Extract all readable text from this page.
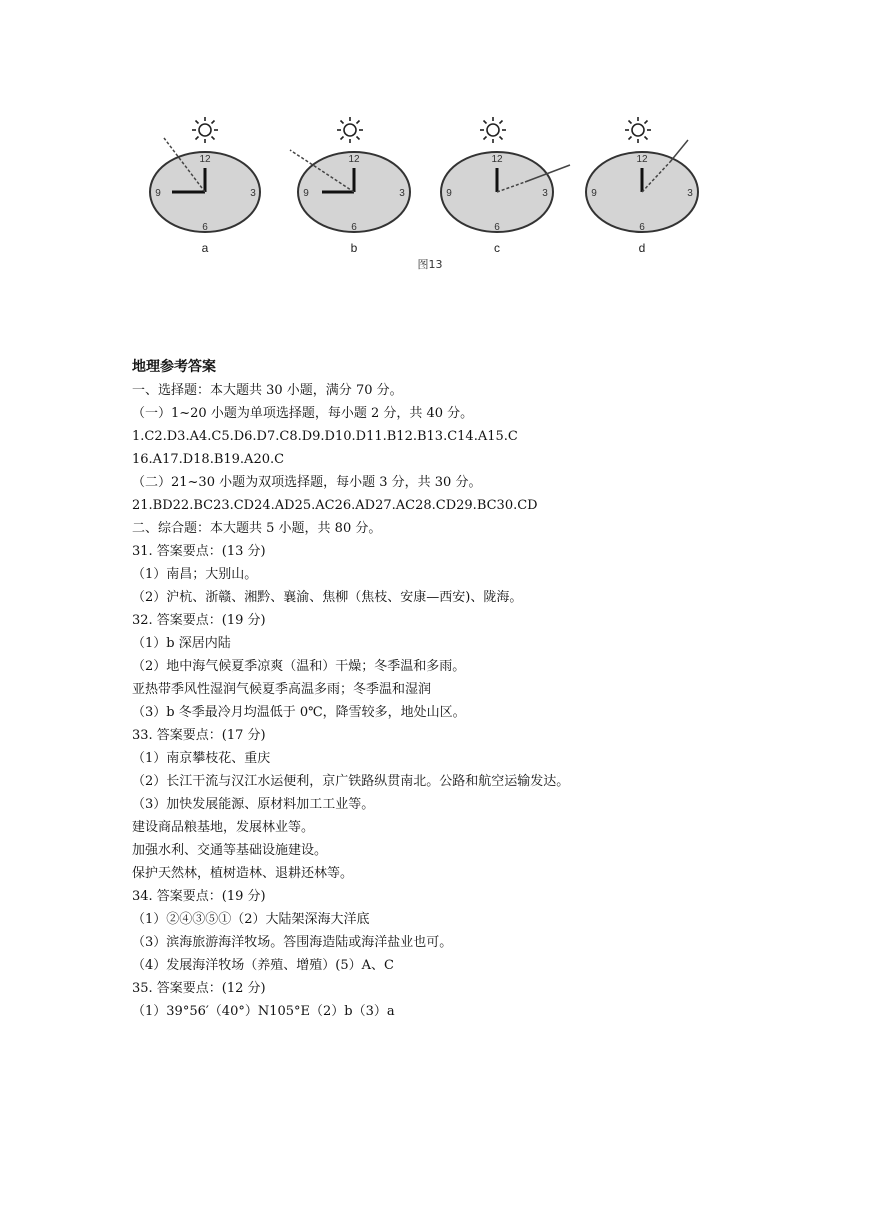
12
3
6
9
a
12
3
6
9
b
12
3
6
9
c
12
3
6
9
d
图13

地理参考答案

一、选择题：本大题共 30 小题，满分 70 分。

（一）1~20 小题为单项选择题，每小题 2 分，共 40 分。

1.C2.D3.A4.C5.D6.D7.C8.D9.D10.D11.B12.B13.C14.A15.C

16.A17.D18.B19.A20.C

（二）21~30 小题为双项选择题，每小题 3 分，共 30 分。

21.BD22.BC23.CD24.AD25.AC26.AD27.AC28.CD29.BC30.CD

二、综合题：本大题共 5 小题，共 80 分。

31. 答案要点：(13 分)

（1）南昌；大别山。

（2）沪杭、浙赣、湘黔、襄渝、焦柳（焦枝、安康—西安)、陇海。

32. 答案要点：(19 分)

（1）b 深居内陆

（2）地中海气候夏季凉爽（温和）干燥；冬季温和多雨。

亚热带季风性湿润气候夏季高温多雨；冬季温和湿润

（3）b 冬季最冷月均温低于 0℃，降雪较多，地处山区。

33. 答案要点：(17 分)

（1）南京攀枝花、重庆

（2）长江干流与汉江水运便利，京广铁路纵贯南北。公路和航空运输发达。

（3）加快发展能源、原材料加工工业等。

建设商品粮基地，发展林业等。

加强水利、交通等基础设施建设。

保护天然林，植树造林、退耕还林等。

34. 答案要点：(19 分)

（1）②④③⑤①（2）大陆架深海大洋底

（3）滨海旅游海洋牧场。答围海造陆或海洋盐业也可。

（4）发展海洋牧场（养殖、增殖）(5）A、C

35. 答案要点：(12 分)

（1）39°56′（40°）N105°E（2）b（3）a
